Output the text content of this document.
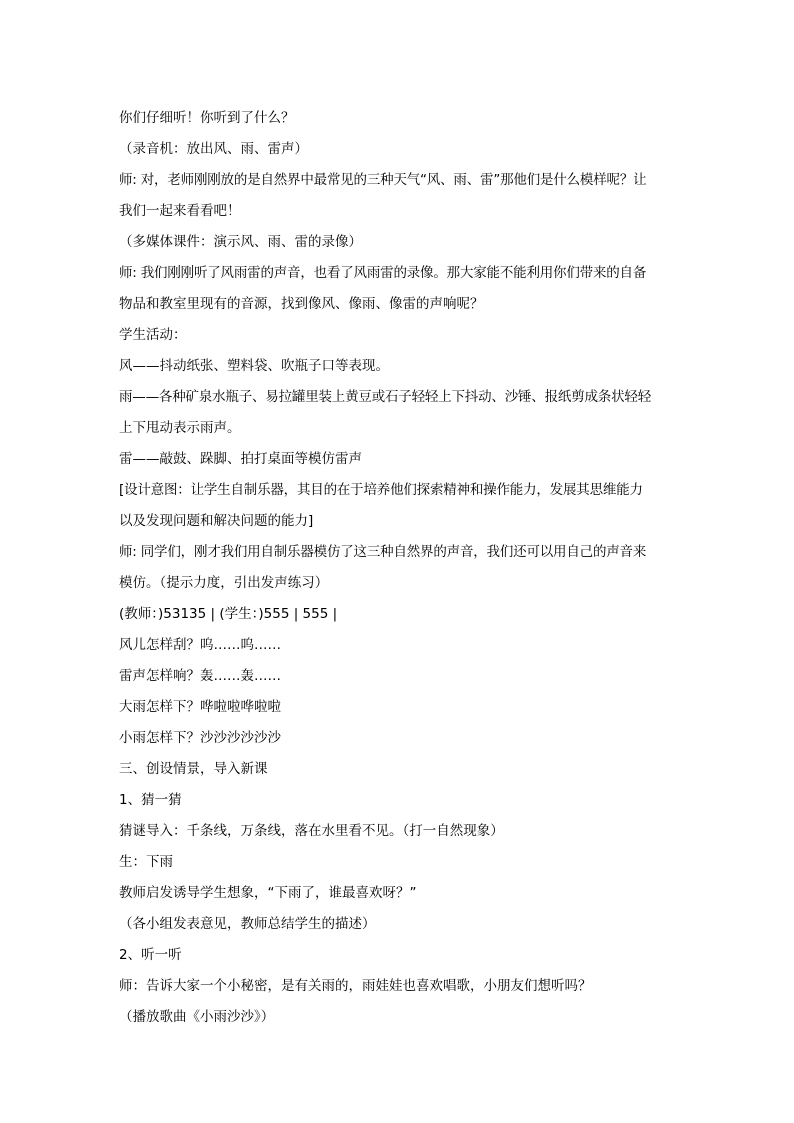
你们仔细听！你听到了什么？
（录音机：放出风、雨、雷声）
师: 对，老师刚刚放的是自然界中最常见的三种天气“风、雨、雷”那他们是什么模样呢？让
我们一起来看看吧！
（多媒体课件：演示风、雨、雷的录像）
师: 我们刚刚听了风雨雷的声音，也看了风雨雷的录像。那大家能不能利用你们带来的自备
物品和教室里现有的音源，找到像风、像雨、像雷的声响呢？
学生活动：
风——抖动纸张、塑料袋、吹瓶子口等表现。
雨——各种矿泉水瓶子、易拉罐里装上黄豆或石子轻轻上下抖动、沙锤、报纸剪成条状轻轻
上下甩动表示雨声。
雷——敲鼓、跺脚、拍打桌面等模仿雷声
[设计意图：让学生自制乐器，其目的在于培养他们探索精神和操作能力，发展其思维能力
以及发现问题和解决问题的能力]
师: 同学们，刚才我们用自制乐器模仿了这三种自然界的声音，我们还可以用自己的声音来
模仿。（提示力度，引出发声练习）
(教师：)53135 | (学生：)555 | 555 |
风儿怎样刮？呜……呜……
雷声怎样响？轰……轰……
大雨怎样下？哗啦啦哗啦啦
小雨怎样下？沙沙沙沙沙沙
三、创设情景，导入新课
1、猜一猜
猜谜导入：千条线，万条线，落在水里看不见。（打一自然现象）
生：下雨
教师启发诱导学生想象，“下雨了，谁最喜欢呀？”
（各小组发表意见，教师总结学生的描述）
2、听一听
师：告诉大家一个小秘密，是有关雨的，雨娃娃也喜欢唱歌，小朋友们想听吗？
（播放歌曲《小雨沙沙》）
